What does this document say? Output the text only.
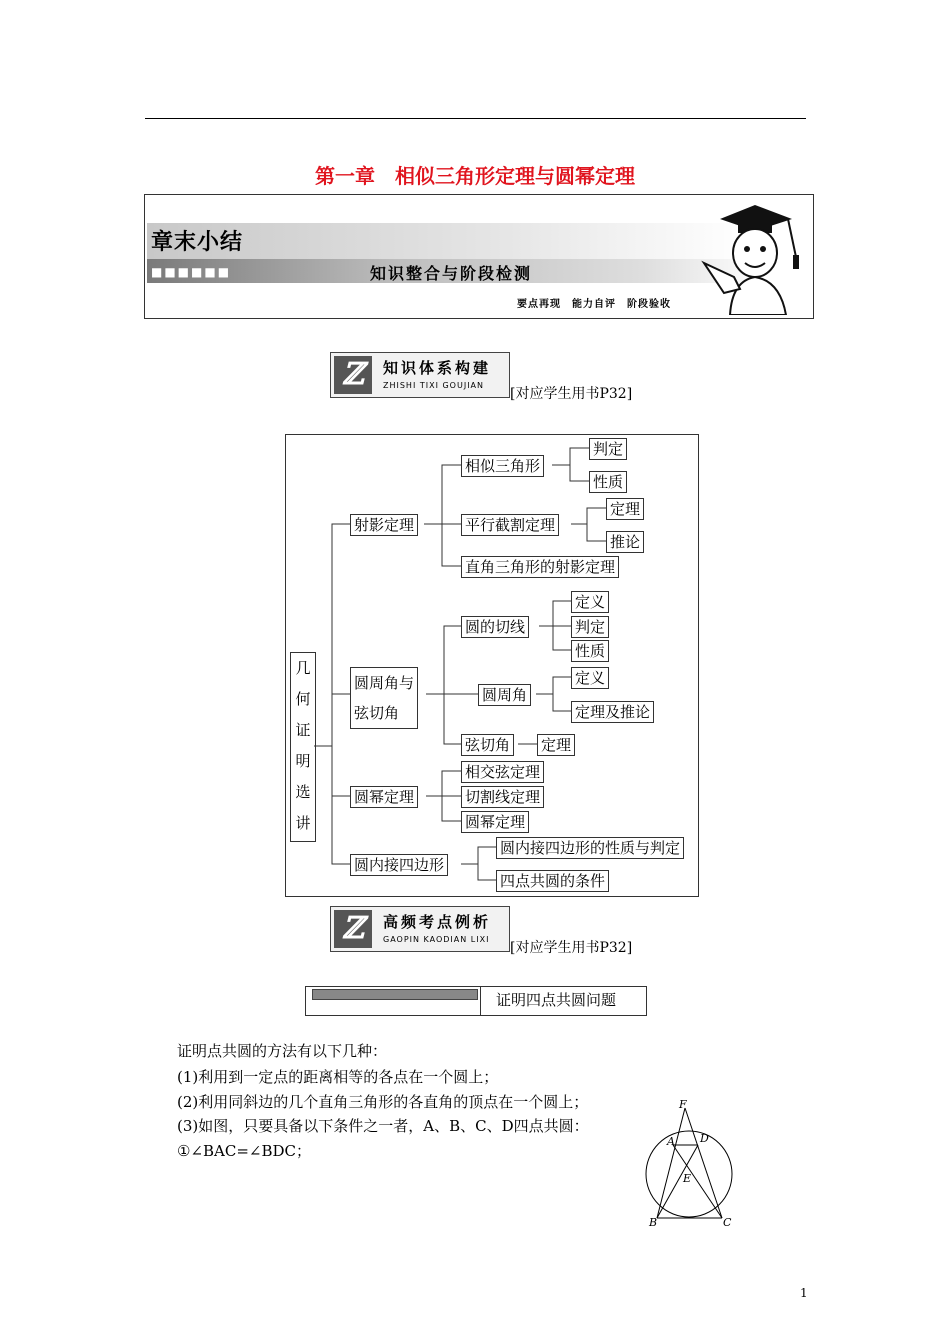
第一章　相似三角形定理与圆幂定理
章末小结
■■■■■■	知识整合与阶段检测
要点再现　能力自评　阶段验收
ℤ	知识体系构建
ZHISHI TIXI GOUJIAN
[对应学生用书P32]
几
何
证
明
选
讲
射影定理
相似三角形
判定
性质
平行截割定理
定理
推论
直角三角形的射影定理
圆周角与
弦切角
圆的切线
定义
判定
性质
圆周角
定义
定理及推论
弦切角 定理
圆幂定理
相交弦定理
切割线定理
圆幂定理
圆内接四边形
圆内接四边形的性质与判定
四点共圆的条件
ℤ	高频考点例析
GAOPIN KAODIAN LIXI
[对应学生用书P32]
证明四点共圆问题
证明点共圆的方法有以下几种：
(1)利用到一定点的距离相等的各点在一个圆上；
(2)利用同斜边的几个直角三角形的各直角的顶点在一个圆上；
(3)如图，只要具备以下条件之一者，A、B、C、D四点共圆：
①∠BAC=∠BDC；
F
A D
E
B	C
1
